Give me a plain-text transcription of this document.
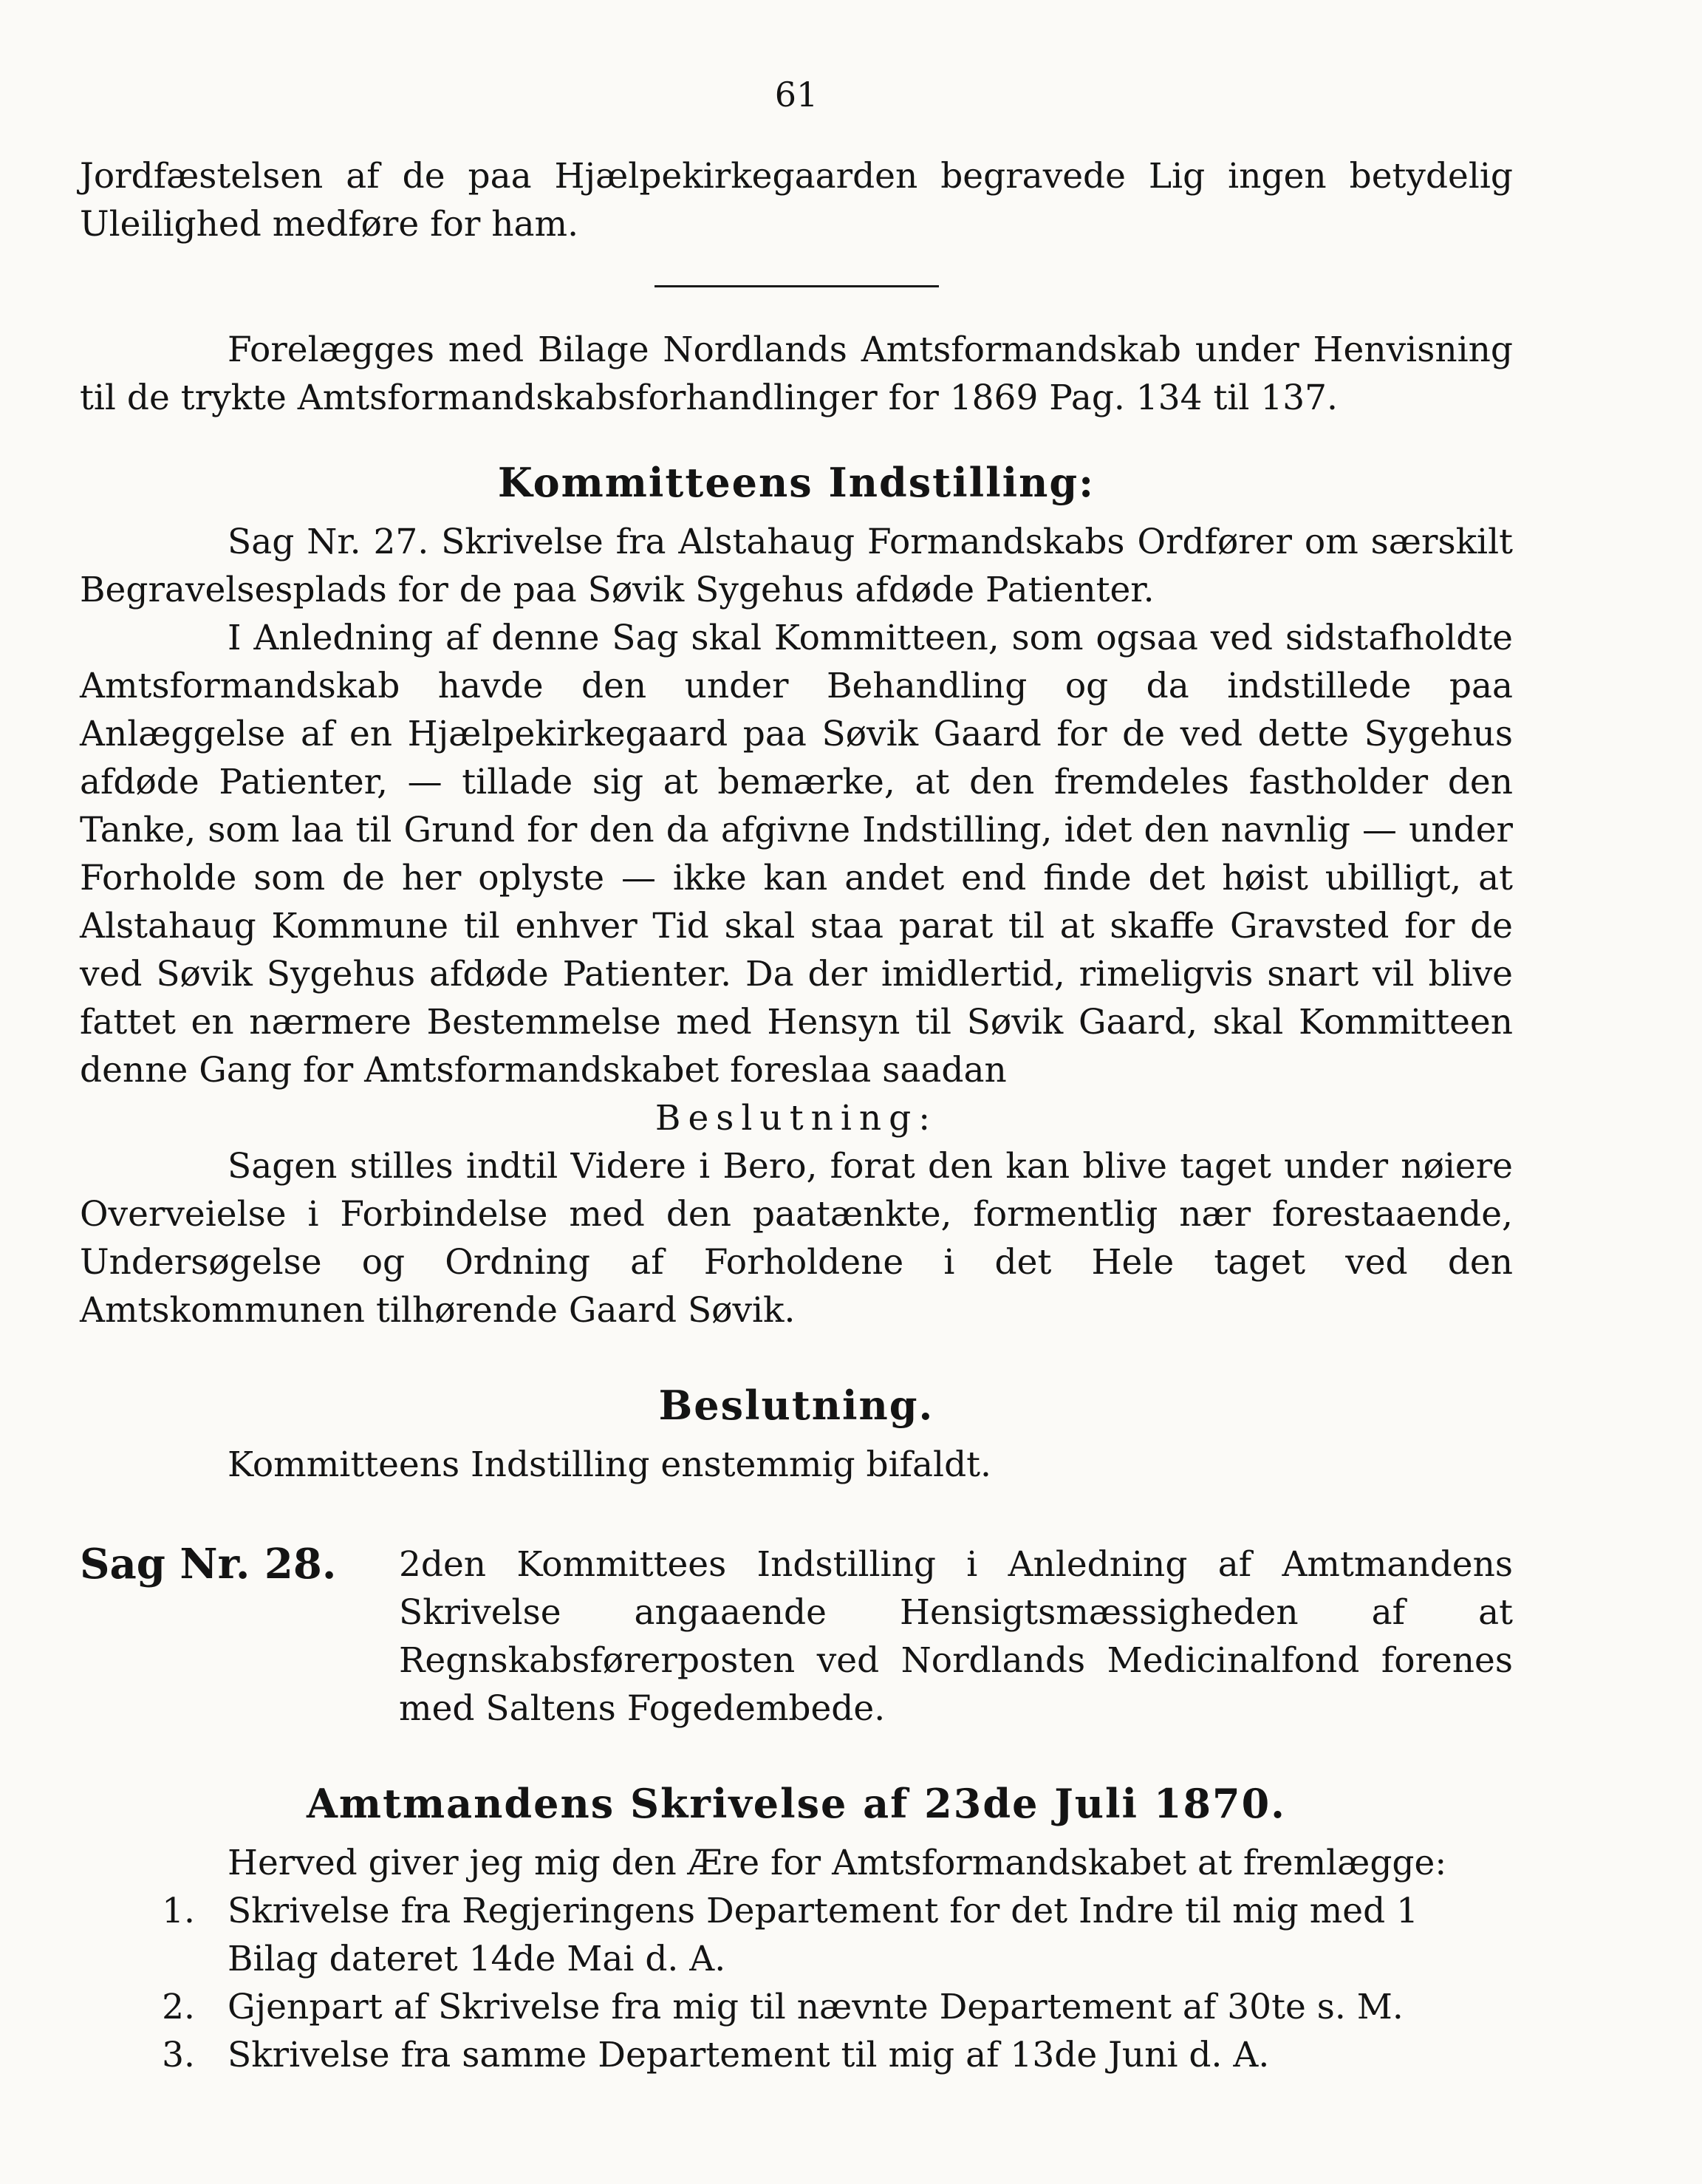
61

Jordfæstelsen af de paa Hjælpekirkegaarden begravede Lig ingen betydelig Uleilighed medføre for ham.

Forelægges med Bilage Nordlands Amtsformandskab under Henvisning til de trykte Amtsformandskabsforhandlinger for 1869 Pag. 134 til 137.

Kommitteens Indstilling:

Sag Nr. 27. Skrivelse fra Alstahaug Formandskabs Ordfører om særskilt Begravelsesplads for de paa Søvik Sygehus afdøde Patienter.

I Anledning af denne Sag skal Kommitteen, som ogsaa ved sidstafholdte Amtsformandskab havde den under Behandling og da indstillede paa Anlæggelse af en Hjælpekirkegaard paa Søvik Gaard for de ved dette Sygehus afdøde Patienter, — tillade sig at bemærke, at den fremdeles fastholder den Tanke, som laa til Grund for den da afgivne Indstilling, idet den navnlig — under Forholde som de her oplyste — ikke kan andet end finde det høist ubilligt, at Alstahaug Kommune til enhver Tid skal staa parat til at skaffe Gravsted for de ved Søvik Sygehus afdøde Patienter. Da der imidlertid, rimeligvis snart vil blive fattet en nærmere Bestemmelse med Hensyn til Søvik Gaard, skal Kommitteen denne Gang for Amtsformandskabet foreslaa saadan

Beslutning:

Sagen stilles indtil Videre i Bero, forat den kan blive taget under nøiere Overveielse i Forbindelse med den paatænkte, formentlig nær forestaaende, Undersøgelse og Ordning af Forholdene i det Hele taget ved den Amtskommunen tilhørende Gaard Søvik.

Beslutning.

Kommitteens Indstilling enstemmig bifaldt.

Sag Nr. 28.	2den Kommittees Indstilling i Anledning af Amtmandens Skrivelse angaaende Hensigtsmæssigheden af at Regnskabsførerposten ved Nordlands Medicinalfond forenes med Saltens Fogedembede.

Amtmandens Skrivelse af 23de Juli 1870.

Herved giver jeg mig den Ære for Amtsformandskabet at fremlægge:

1. Skrivelse fra Regjeringens Departement for det Indre til mig med 1 Bilag dateret 14de Mai d. A.
2. Gjenpart af Skrivelse fra mig til nævnte Departement af 30te s. M.
3. Skrivelse fra samme Departement til mig af 13de Juni d. A.
